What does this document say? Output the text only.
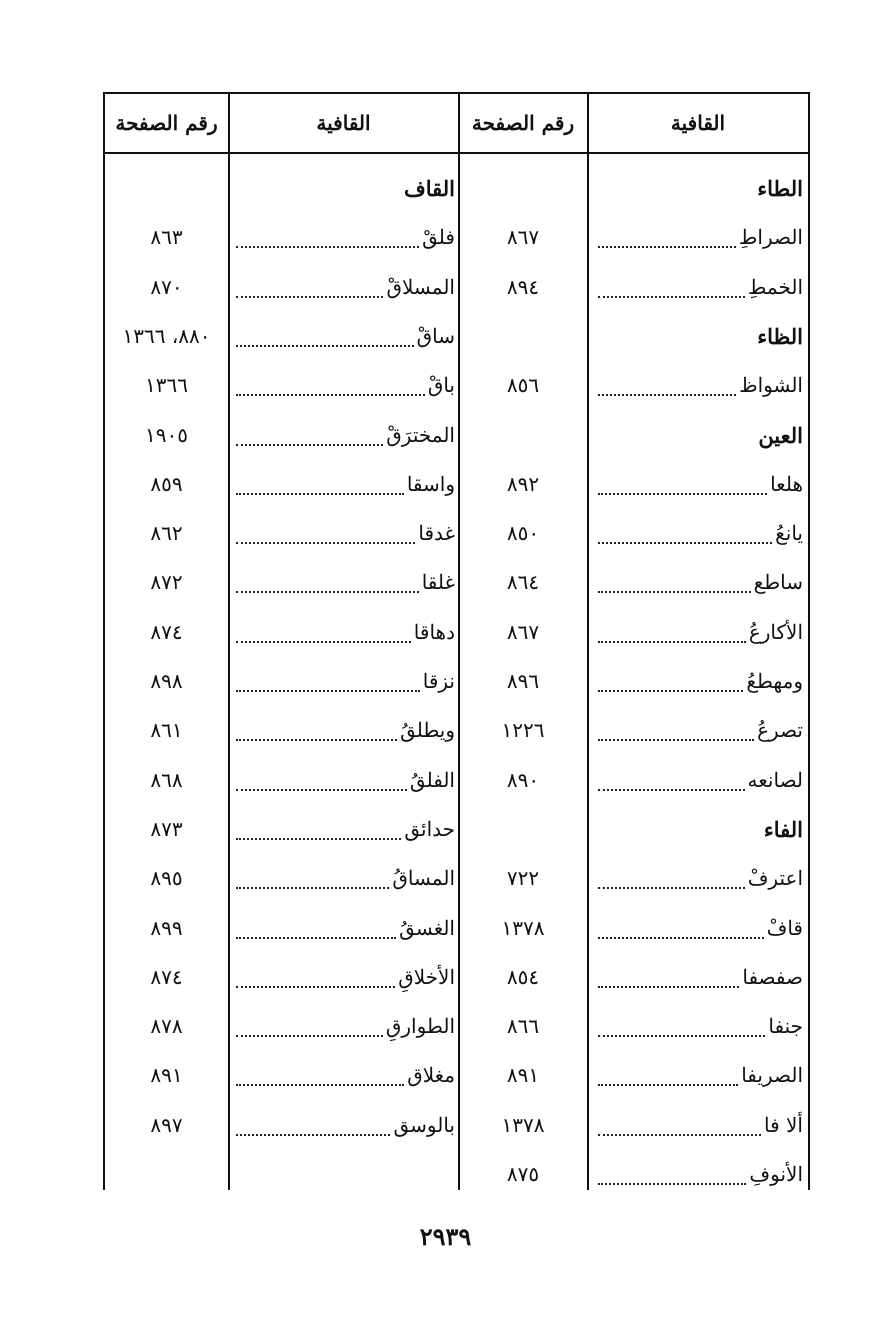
القافية
رقم الصفحة
القافية
رقم الصفحة
الطاء
الصراطِ
الخمطِ
الظاء
الشواظ
العين
هلعا
يانعُ
ساطع
الأكارعُ
ومهطعُ
تصرعُ
لصانعه
الفاء
اعترفْ
قافْ
صفصفا
جنفا
الصريفا
ألا فا
الأنوفِ
٨٦٧
٨٩٤
٨٥٦
٨٩٢
٨٥٠
٨٦٤
٨٦٧
٨٩٦
١٢٢٦
٨٩٠
٧٢٢
١٣٧٨
٨٥٤
٨٦٦
٨٩١
١٣٧٨
٨٧٥
القاف
فلقْ
المسلاقْ
ساقْ
باقْ
المخترَقْ
واسقا
غدقا
غلقا
دهاقا
نزقا
ويطلقُ
الفلقُ
حدائق
المساقُ
الغسقُ
الأخلاقِ
الطوارقِ
مغلاق
بالوسق
٨٦٣
٨٧٠
٨٨٠، ١٣٦٦
١٣٦٦
١٩٠٥
٨٥٩
٨٦٢
٨٧٢
٨٧٤
٨٩٨
٨٦١
٨٦٨
٨٧٣
٨٩٥
٨٩٩
٨٧٤
٨٧٨
٨٩١
٨٩٧
٢٩٣٩
